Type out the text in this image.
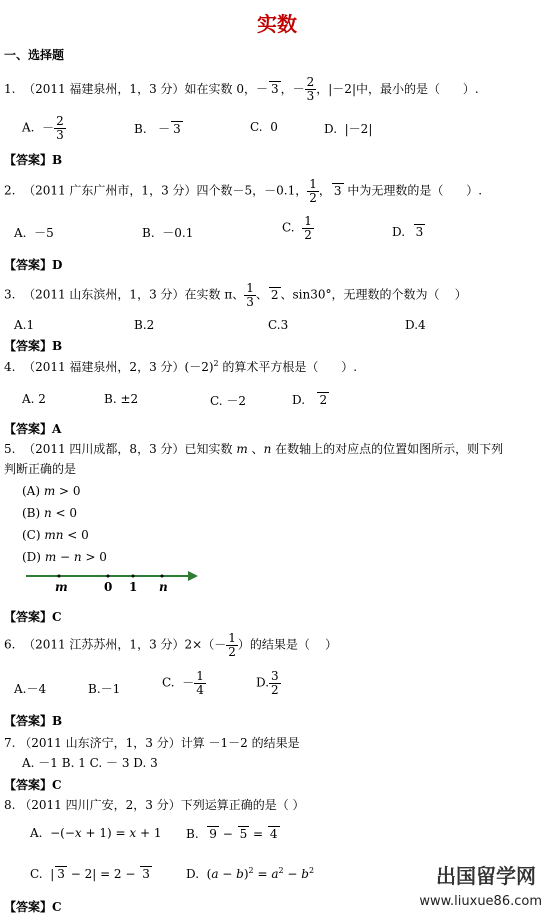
实数
一、选择题
1.  （2011 福建泉州，1，3 分）如在实数 0，－ 3 ，－ $\frac{2}{3}$ ，|－2|中，最小的是（      ）.
A.  － $\frac{2}{3}$	B.   － 3	C.  0	D.  |－2|
【答案】B
2.  （2011 广东广州市，1，3 分）四个数－5，－0.1， $\frac{1}{2}$ ， 3 中为无理数的是（      ）.
A.  －5	B.  －0.1	C. $\frac{1}{2}$	D.  3
【答案】D
3.  （2011 山东滨州，1，3 分）在实数 π、 $\frac{1}{3}$ 、 2 、sin30°，无理数的个数为（    ）
A.1	B.2	C.3	D.4
【答案】B
4.  （2011 福建泉州，2，3 分）$(-2)^2$ 的算术平方根是（      ）.
A. 2	B. ±2	C. －2	D.   2
【答案】A
5.  （2011 四川成都，8，3 分）已知实数 m 、n 在数轴上的对应点的位置如图所示，则下列
判断正确的是
(A) m > 0
(B) n < 0
(C) mn < 0
(D) m − n > 0
m	0 1 n
【答案】C
6.  （2011 江苏苏州，1，3 分）$2\times(- \frac{1}{2}$ ）的结果是（    ）
A.－4	B.－1	C.  － $\frac{1}{4}$	D. $\frac{3}{2}$
【答案】B
7. （2011 山东济宁，1，3 分）计算 －1－2 的结果是
A. －1 B. 1 C. － 3 D. 3
【答案】C
8. （2011 四川广安，2，3 分）下列运算正确的是（ ）
A.  −(−x + 1) = x + 1 B.  9 − 5 = 4
C.  | 3 − 2| = 2 − 3	D.  $(a - b)^2 = a^2 - b^2$
【答案】C
出国留学网
www.liuxue86.com
